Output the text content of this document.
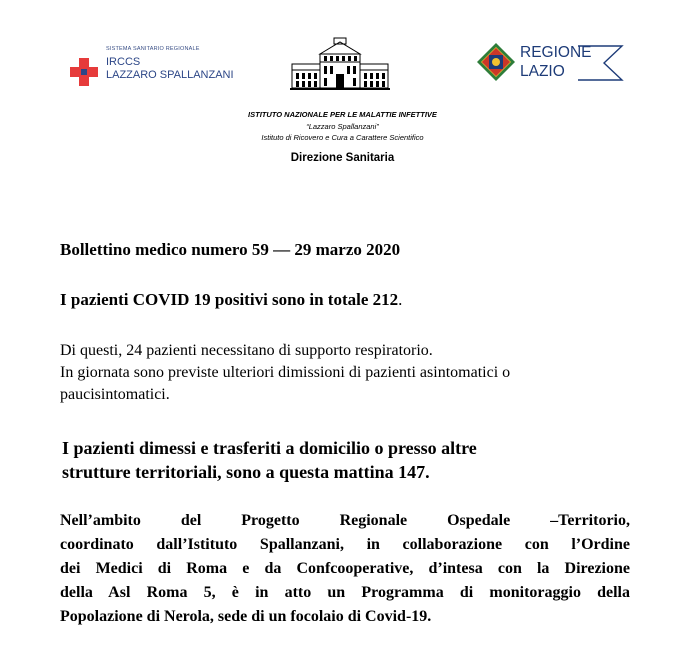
SISTEMA SANITARIO REGIONALE
IRCCS
LAZZARO SPALLANZANI
REGIONE
LAZIO
ISTITUTO NAZIONALE PER LE MALATTIE INFETTIVE
“Lazzaro Spallanzani”
Istituto di Ricovero e Cura a Carattere Scientifico
Direzione Sanitaria
Bollettino medico numero 59 — 29 marzo 2020
I pazienti COVID 19 positivi sono in totale 212.
Di questi, 24 pazienti necessitano di supporto respiratorio.
In giornata sono previste ulteriori dimissioni di pazienti asintomatici o
paucisintomatici.
I pazienti dimessi e trasferiti a domicilio o presso altre
strutture territoriali, sono a questa mattina 147.
Nell’ambito del Progetto Regionale Ospedale –Territorio,
coordinato dall’Istituto Spallanzani, in collaborazione con l’Ordine
dei Medici di Roma e da Confcooperative, d’intesa con la Direzione
della Asl Roma 5, è in atto un Programma di monitoraggio della
Popolazione di Nerola, sede di un focolaio di Covid-19.
